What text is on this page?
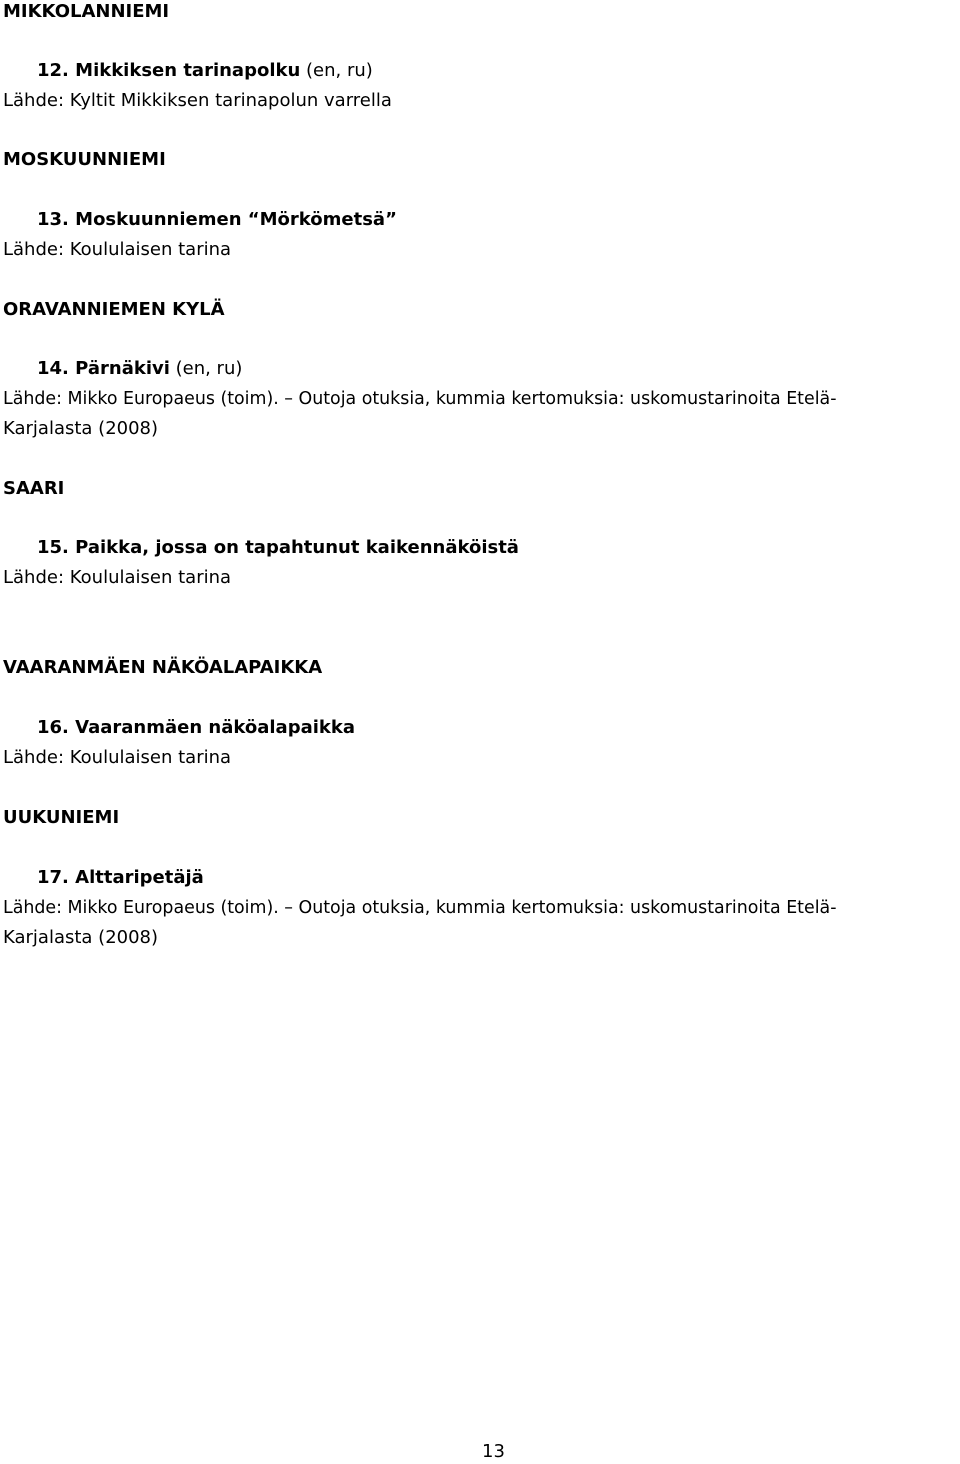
MIKKOLANNIEMI
12. Mikkiksen tarinapolku (en, ru)
Lähde: Kyltit Mikkiksen tarinapolun varrella
MOSKUUNNIEMI
13. Moskuunniemen “Mörkömetsä”
Lähde: Koululaisen tarina
ORAVANNIEMEN KYLÄ
14. Pärnäkivi (en, ru)
Lähde: Mikko Europaeus (toim). – Outoja otuksia, kummia kertomuksia: uskomustarinoita Etelä-
Karjalasta (2008)
SAARI
15. Paikka, jossa on tapahtunut kaikennäköistä
Lähde: Koululaisen tarina
VAARANMÄEN NÄKÖALAPAIKKA
16. Vaaranmäen näköalapaikka
Lähde: Koululaisen tarina
UUKUNIEMI
17. Alttaripetäjä
Lähde: Mikko Europaeus (toim). – Outoja otuksia, kummia kertomuksia: uskomustarinoita Etelä-
Karjalasta (2008)
13
